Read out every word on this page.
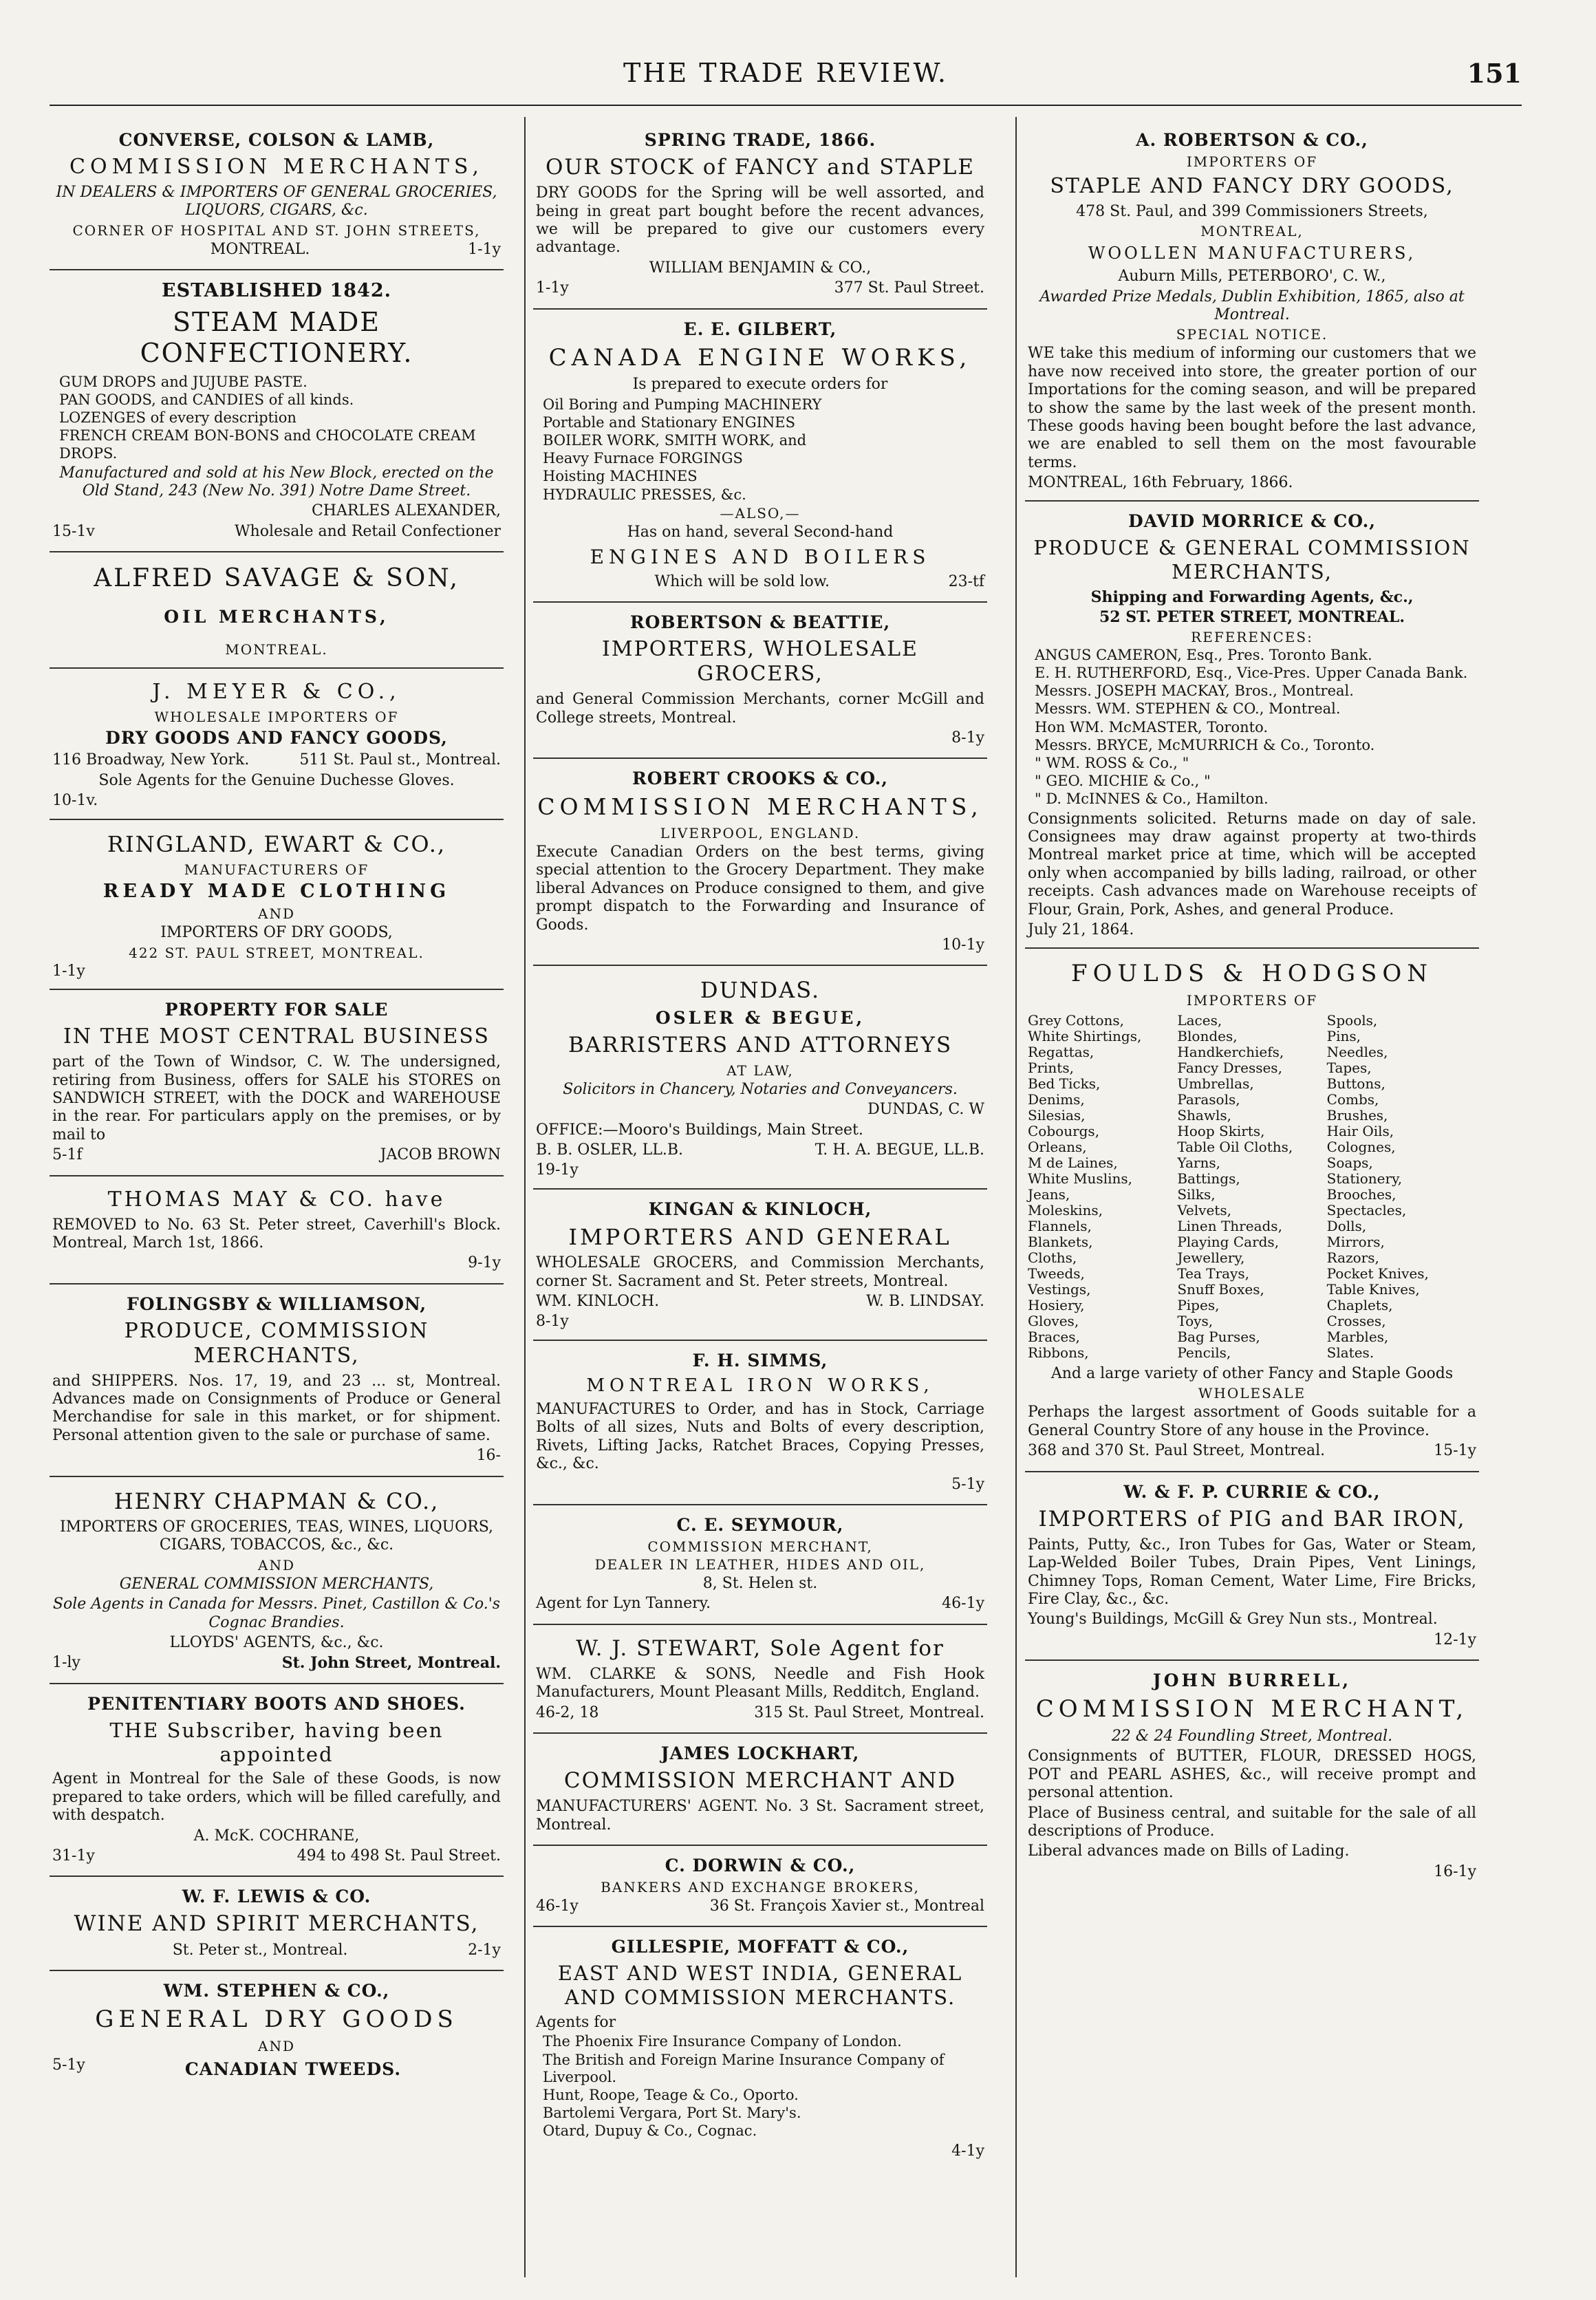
THE TRADE REVIEW.	151
CONVERSE, COLSON & LAMB,
COMMISSION MERCHANTS,
IN DEALERS & IMPORTERS OF GENERAL GROCERIES, LIQUORS, CIGARS, &c.
CORNER OF HOSPITAL AND ST. JOHN STREETS,
MONTREAL.	1-1y
ESTABLISHED 1842.
STEAM MADE CONFECTIONERY.
GUM DROPS and JUJUBE PASTE.
PAN GOODS, and CANDIES of all kinds.
LOZENGES of every description
FRENCH CREAM BON-BONS and CHOCOLATE CREAM DROPS.
Manufactured and sold at his New Block, erected on the Old Stand, 243 (New No. 391) Notre Dame Street.
CHARLES ALEXANDER,
15-1v	Wholesale and Retail Confectioner
ALFRED SAVAGE & SON,
OIL MERCHANTS,
MONTREAL.
J. MEYER & CO.,
WHOLESALE IMPORTERS OF
DRY GOODS AND FANCY GOODS,
116 Broadway, New York.	511 St. Paul st., Montreal.
Sole Agents for the Genuine Duchesse Gloves.
10-1v.
RINGLAND, EWART & CO.,
MANUFACTURERS OF
READY MADE CLOTHING
AND
IMPORTERS OF DRY GOODS,
422 ST. PAUL STREET, MONTREAL.
1-1y
PROPERTY FOR SALE
IN THE MOST CENTRAL BUSINESS
part of the Town of Windsor, C. W. The undersigned, retiring from Business, offers for SALE his STORES on SANDWICH STREET, with the DOCK and WAREHOUSE in the rear. For particulars apply on the premises, or by mail to
5-1f	JACOB BROWN
THOMAS MAY & CO. have
REMOVED to No. 63 St. Peter street, Caverhill's Block. Montreal, March 1st, 1866.
9-1y
FOLINGSBY & WILLIAMSON,
PRODUCE, COMMISSION MERCHANTS,
and SHIPPERS. Nos. 17, 19, and 23 ... st, Montreal. Advances made on Consignments of Produce or General Merchandise for sale in this market, or for shipment. Personal attention given to the sale or purchase of same.
16-
HENRY CHAPMAN & CO.,
IMPORTERS OF GROCERIES, TEAS, WINES, LIQUORS, CIGARS, TOBACCOS, &c., &c.
AND
GENERAL COMMISSION MERCHANTS,
Sole Agents in Canada for Messrs. Pinet, Castillon & Co.'s Cognac Brandies.
LLOYDS' AGENTS, &c., &c.
1-ly	St. John Street, Montreal.
PENITENTIARY BOOTS AND SHOES.
THE Subscriber, having been appointed
Agent in Montreal for the Sale of these Goods, is now prepared to take orders, which will be filled carefully, and with despatch.
A. McK. COCHRANE,
31-1y	494 to 498 St. Paul Street.
W. F. LEWIS & CO.
WINE AND SPIRIT MERCHANTS,
St. Peter st., Montreal.	2-1y
WM. STEPHEN & CO.,
GENERAL DRY GOODS
AND
5-1y	CANADIAN TWEEDS.
SPRING TRADE, 1866.
OUR STOCK of FANCY and STAPLE
DRY GOODS for the Spring will be well assorted, and being in great part bought before the recent advances, we will be prepared to give our customers every advantage.
WILLIAM BENJAMIN & CO.,
1-1y	377 St. Paul Street.
E. E. GILBERT,
CANADA ENGINE WORKS,
Is prepared to execute orders for
Oil Boring and Pumping MACHINERY
Portable and Stationary ENGINES
BOILER WORK, SMITH WORK, and
Heavy Furnace FORGINGS
Hoisting MACHINES
HYDRAULIC PRESSES, &c.
—ALSO,—
Has on hand, several Second-hand
ENGINES AND BOILERS
Which will be sold low.	23-tf
ROBERTSON & BEATTIE,
IMPORTERS, WHOLESALE GROCERS,
and General Commission Merchants, corner McGill and College streets, Montreal.
8-1y
ROBERT CROOKS & CO.,
COMMISSION MERCHANTS,
LIVERPOOL, ENGLAND.
Execute Canadian Orders on the best terms, giving special attention to the Grocery Department. They make liberal Advances on Produce consigned to them, and give prompt dispatch to the Forwarding and Insurance of Goods.
10-1y
DUNDAS.
OSLER & BEGUE,
BARRISTERS AND ATTORNEYS
AT LAW,
Solicitors in Chancery, Notaries and Conveyancers.
DUNDAS, C. W
OFFICE:—Mooro's Buildings, Main Street.
B. B. OSLER, LL.B.	T. H. A. BEGUE, LL.B.
19-1y
KINGAN & KINLOCH,
IMPORTERS AND GENERAL
WHOLESALE GROCERS, and Commission Merchants, corner St. Sacrament and St. Peter streets, Montreal.
WM. KINLOCH.	W. B. LINDSAY.
8-1y
F. H. SIMMS,
MONTREAL IRON WORKS,
MANUFACTURES to Order, and has in Stock, Carriage Bolts of all sizes, Nuts and Bolts of every description, Rivets, Lifting Jacks, Ratchet Braces, Copying Presses, &c., &c.
5-1y
C. E. SEYMOUR,
COMMISSION MERCHANT,
DEALER IN LEATHER, HIDES AND OIL,
8, St. Helen st.
Agent for Lyn Tannery.	46-1y
W. J. STEWART, Sole Agent for
WM. CLARKE & SONS, Needle and Fish Hook Manufacturers, Mount Pleasant Mills, Redditch, England.
46-2, 18	315 St. Paul Street, Montreal.
JAMES LOCKHART,
COMMISSION MERCHANT AND
MANUFACTURERS' AGENT. No. 3 St. Sacrament street, Montreal.
C. DORWIN & CO.,
BANKERS AND EXCHANGE BROKERS,
46-1y	36 St. François Xavier st., Montreal
GILLESPIE, MOFFATT & CO.,
EAST AND WEST INDIA, GENERAL AND COMMISSION MERCHANTS.
Agents for
The Phoenix Fire Insurance Company of London.
The British and Foreign Marine Insurance Company of Liverpool.
Hunt, Roope, Teage & Co., Oporto.
Bartolemi Vergara, Port St. Mary's.
Otard, Dupuy & Co., Cognac.
4-1y
A. ROBERTSON & CO.,
IMPORTERS OF
STAPLE AND FANCY DRY GOODS,
478 St. Paul, and 399 Commissioners Streets,
MONTREAL,
WOOLLEN MANUFACTURERS,
Auburn Mills, PETERBORO', C. W.,
Awarded Prize Medals, Dublin Exhibition, 1865, also at Montreal.
SPECIAL NOTICE.
WE take this medium of informing our customers that we have now received into store, the greater portion of our Importations for the coming season, and will be prepared to show the same by the last week of the present month. These goods having been bought before the last advance, we are enabled to sell them on the most favourable terms.
MONTREAL, 16th February, 1866.
DAVID MORRICE & CO.,
PRODUCE & GENERAL COMMISSION MERCHANTS,
Shipping and Forwarding Agents, &c.,
52 ST. PETER STREET, MONTREAL.
REFERENCES:
ANGUS CAMERON, Esq., Pres. Toronto Bank.
E. H. RUTHERFORD, Esq., Vice-Pres. Upper Canada Bank.
Messrs. JOSEPH MACKAY, Bros., Montreal.
Messrs. WM. STEPHEN & CO., Montreal.
Hon WM. McMASTER, Toronto.
Messrs. BRYCE, McMURRICH & Co., Toronto.
" WM. ROSS & Co., "
" GEO. MICHIE & Co., "
" D. McINNES & Co., Hamilton.
Consignments solicited. Returns made on day of sale. Consignees may draw against property at two-thirds Montreal market price at time, which will be accepted only when accompanied by bills lading, railroad, or other receipts. Cash advances made on Warehouse receipts of Flour, Grain, Pork, Ashes, and general Produce.
July 21, 1864.
FOULDS & HODGSON
IMPORTERS OF
Grey Cottons,	Laces,	Spools,
White Shirtings,	Blondes,	Pins,
Regattas,	Handkerchiefs,	Needles,
Prints,	Fancy Dresses,	Tapes,
Bed Ticks,	Umbrellas,	Buttons,
Denims,	Parasols,	Combs,
Silesias,	Shawls,	Brushes,
Cobourgs,	Hoop Skirts,	Hair Oils,
Orleans,	Table Oil Cloths,	Colognes,
M de Laines,	Yarns,	Soaps,
White Muslins,	Battings,	Stationery,
Jeans,	Silks,	Brooches,
Moleskins,	Velvets,	Spectacles,
Flannels,	Linen Threads,	Dolls,
Blankets,	Playing Cards,	Mirrors,
Cloths,	Jewellery,	Razors,
Tweeds,	Tea Trays,	Pocket Knives,
Vestings,	Snuff Boxes,	Table Knives,
Hosiery,	Pipes,	Chaplets,
Gloves,	Toys,	Crosses,
Braces,	Bag Purses,	Marbles,
Ribbons,	Pencils,	Slates.
And a large variety of other Fancy and Staple Goods
WHOLESALE
Perhaps the largest assortment of Goods suitable for a General Country Store of any house in the Province.
368 and 370 St. Paul Street, Montreal.	15-1y
W. & F. P. CURRIE & CO.,
IMPORTERS of PIG and BAR IRON,
Paints, Putty, &c., Iron Tubes for Gas, Water or Steam, Lap-Welded Boiler Tubes, Drain Pipes, Vent Linings, Chimney Tops, Roman Cement, Water Lime, Fire Bricks, Fire Clay, &c., &c.
Young's Buildings, McGill & Grey Nun sts., Montreal.
12-1y
JOHN BURRELL,
COMMISSION MERCHANT,
22 & 24 Foundling Street, Montreal.
Consignments of BUTTER, FLOUR, DRESSED HOGS, POT and PEARL ASHES, &c., will receive prompt and personal attention.
Place of Business central, and suitable for the sale of all descriptions of Produce.
Liberal advances made on Bills of Lading.
16-1y
